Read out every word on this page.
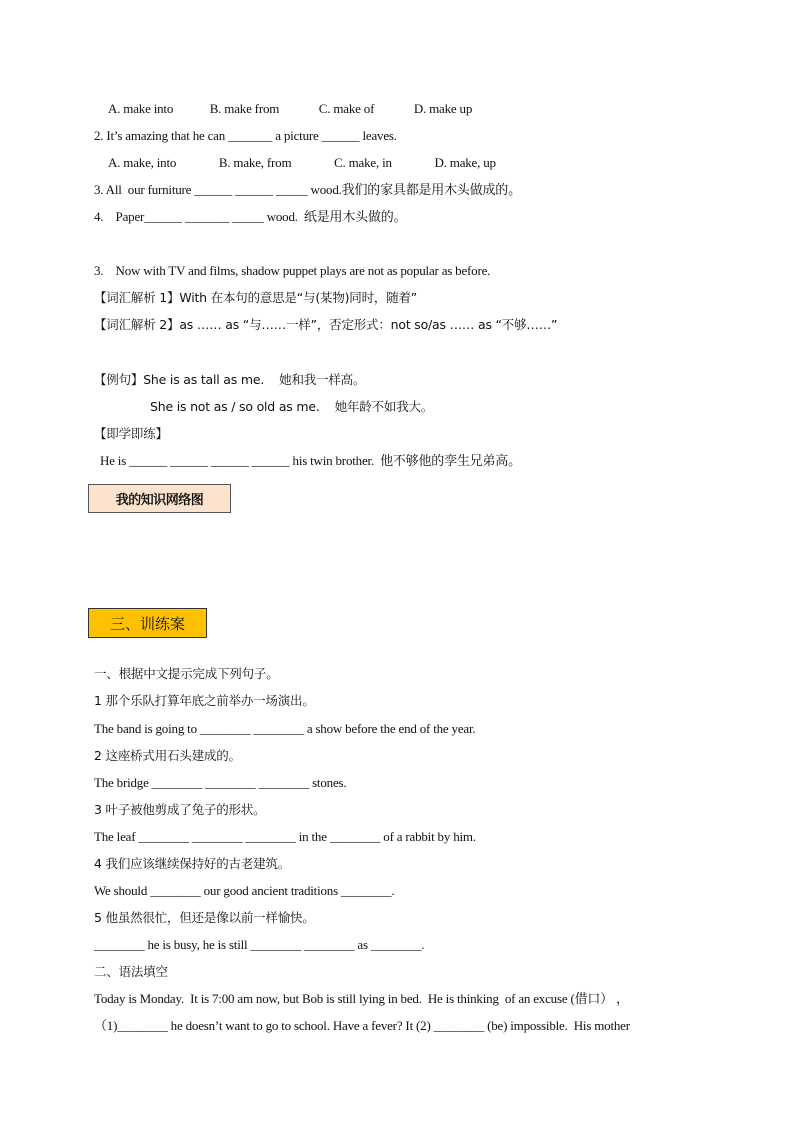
A. make into            B. make from             C. make of             D. make up
2. It’s amazing that he can _______ a picture ______ leaves.
A. make, into              B. make, from              C. make, in              D. make, up
3. All  our furniture ______ ______ _____ wood.我们的家具都是用木头做成的。
4.    Paper______ _______ _____ wood.  纸是用木头做的。
3.    Now with TV and films, shadow puppet plays are not as popular as before.
【词汇解析 1】With 在本句的意思是“与(某物)同时，随着”
【词汇解析 2】as …… as “与……一样”，否定形式：not so/as …… as “不够……”
【例句】She is as tall as me.    她和我一样高。
She is not as / so old as me.    她年龄不如我大。
【即学即练】
He is ______ ______ ______ ______ his twin brother.  他不够他的孪生兄弟高。
我的知识网络图
三、训练案
一、根据中文提示完成下列句子。
1 那个乐队打算年底之前举办一场演出。
The band is going to ________ ________ a show before the end of the year.
2 这座桥式用石头建成的。
The bridge ________ ________ ________ stones.
3 叶子被他剪成了兔子的形状。
The leaf ________ ________ ________ in the ________ of a rabbit by him.
4 我们应该继续保持好的古老建筑。
We should ________ our good ancient traditions ________.
5 他虽然很忙，但还是像以前一样愉快。
________ he is busy, he is still ________ ________ as ________.
二、语法填空
Today is Monday.  It is 7:00 am now, but Bob is still lying in bed.  He is thinking  of an excuse (借口） ，
（1)________ he doesn’t want to go to school. Have a fever? It (2) ________ (be) impossible.  His mother
